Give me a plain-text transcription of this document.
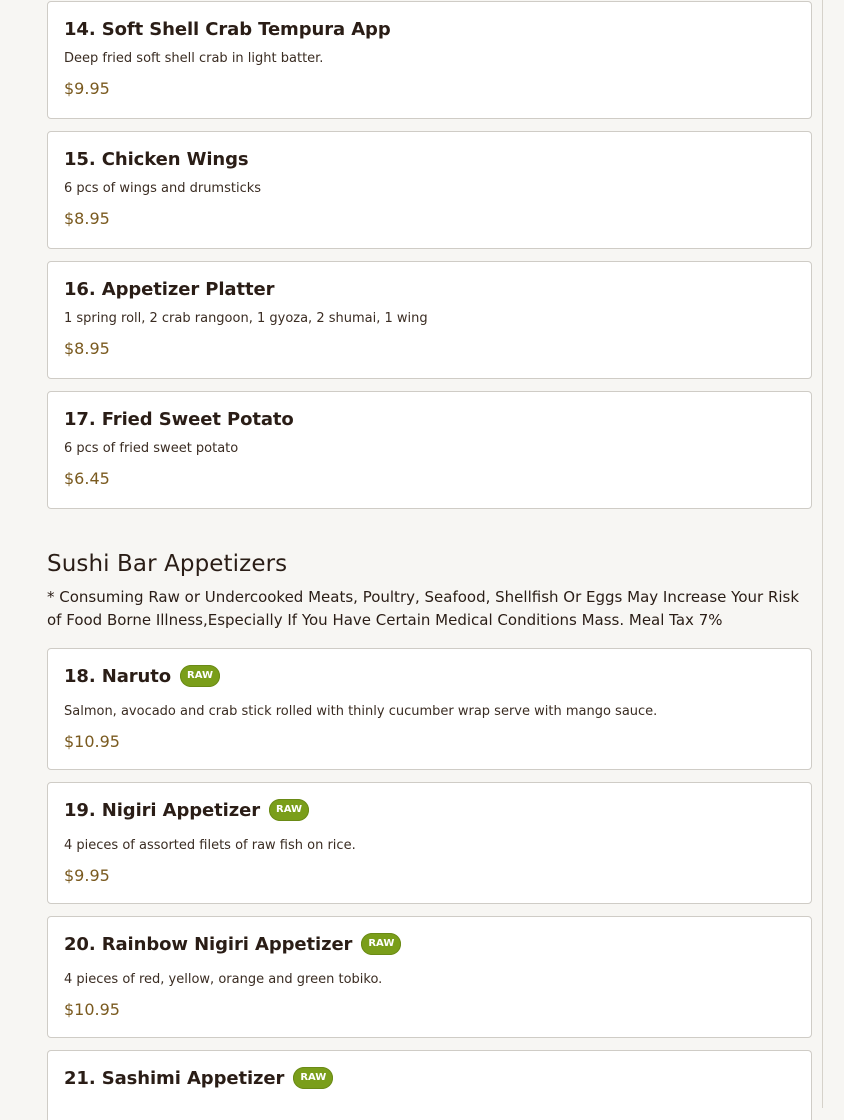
14. Soft Shell Crab Tempura App
Deep fried soft shell crab in light batter.
$9.95
15. Chicken Wings
6 pcs of wings and drumsticks
$8.95
16. Appetizer Platter
1 spring roll, 2 crab rangoon, 1 gyoza, 2 shumai, 1 wing
$8.95
17. Fried Sweet Potato
6 pcs of fried sweet potato
$6.45
Sushi Bar Appetizers
* Consuming Raw or Undercooked Meats, Poultry, Seafood, Shellfish Or Eggs May Increase Your Risk of Food Borne Illness,Especially If You Have Certain Medical Conditions Mass. Meal Tax 7%
18. Naruto	RAW
Salmon, avocado and crab stick rolled with thinly cucumber wrap serve with mango sauce.
$10.95
19. Nigiri Appetizer	RAW
4 pieces of assorted filets of raw fish on rice.
$9.95
20. Rainbow Nigiri Appetizer	RAW
4 pieces of red, yellow, orange and green tobiko.
$10.95
21. Sashimi Appetizer	RAW
